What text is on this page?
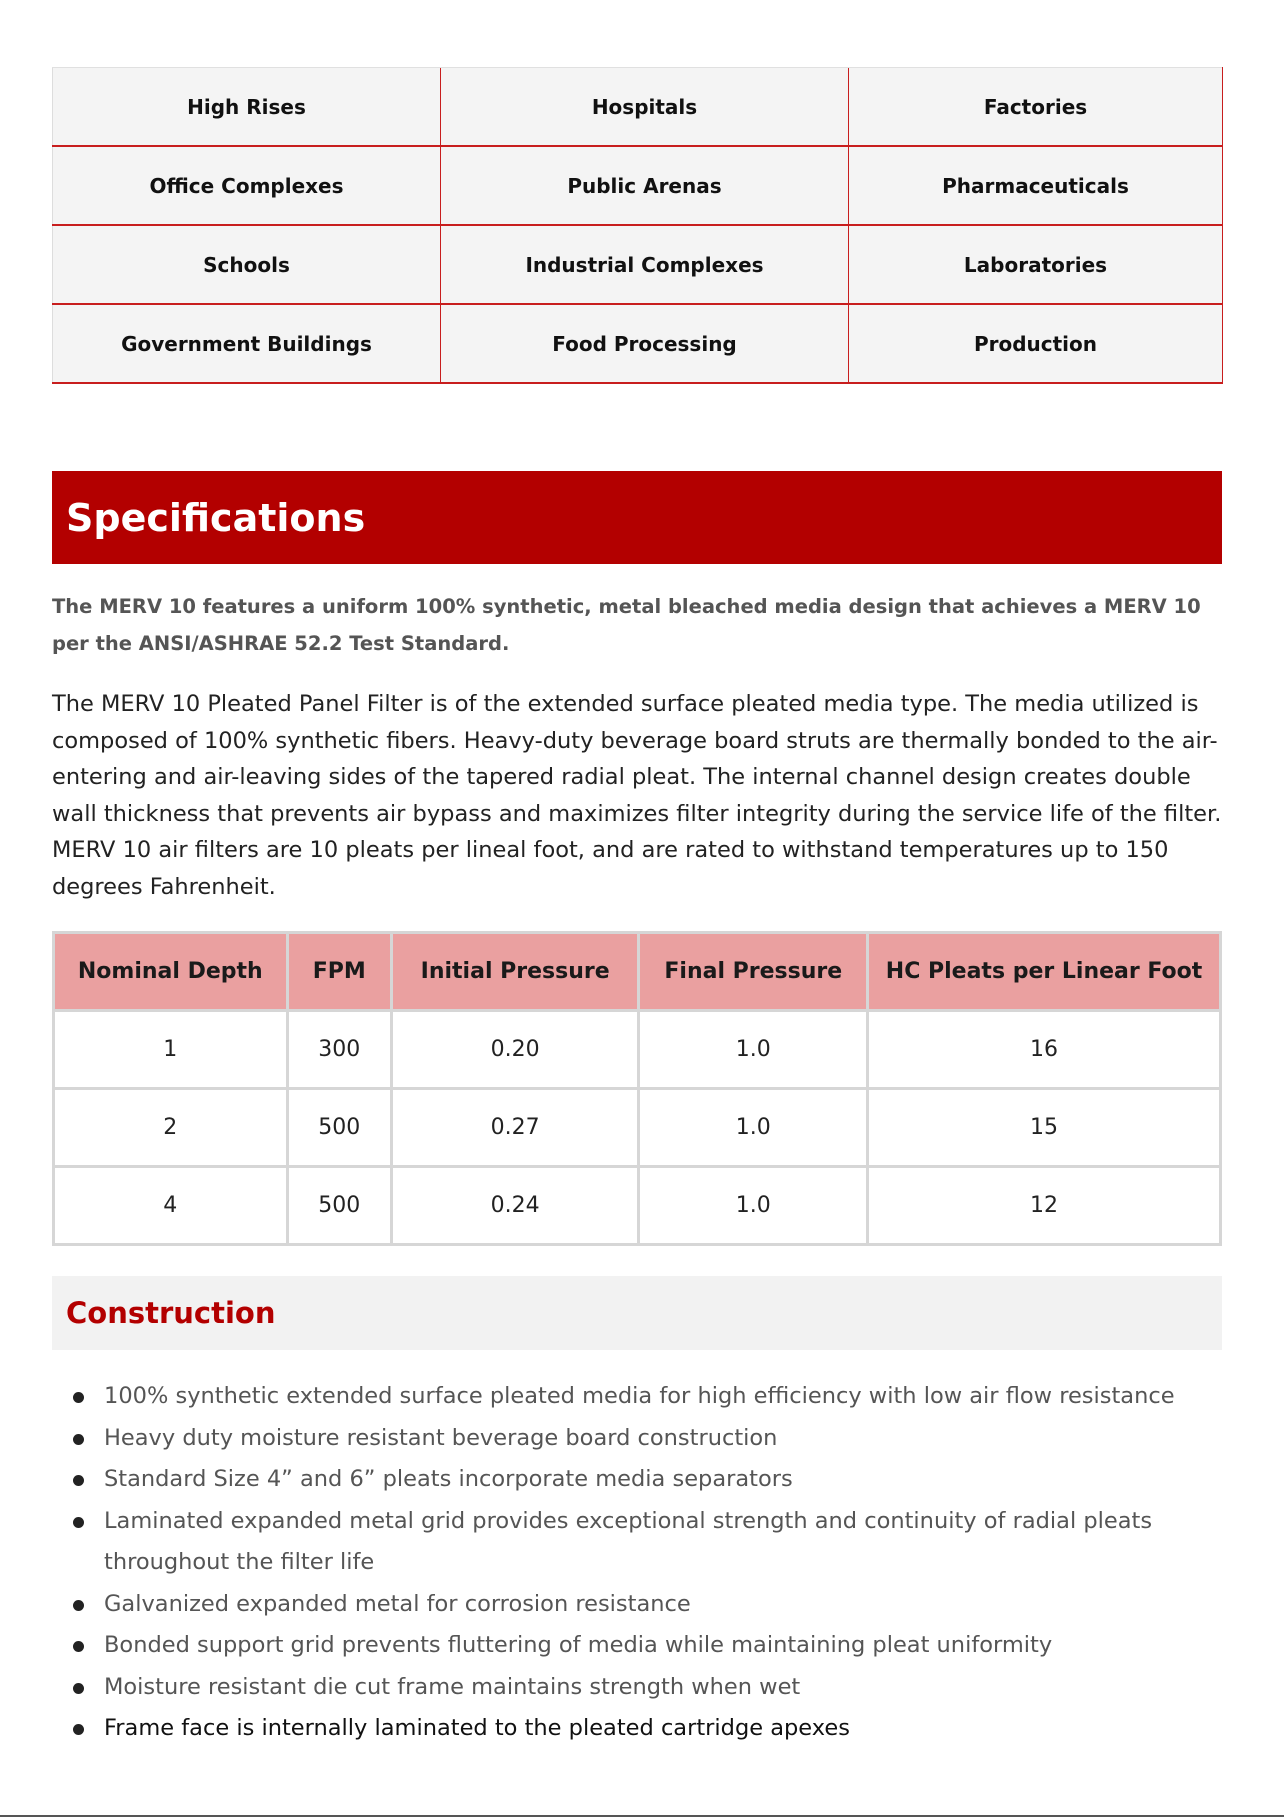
High Rises	Hospitals	Factories
Office Complexes	Public Arenas	Pharmaceuticals
Schools	Industrial Complexes	Laboratories
Government Buildings	Food Processing	Production
Specifications

The MERV 10 features a uniform 100% synthetic, metal bleached media design that achieves a MERV 10 per the ANSI/ASHRAE 52.2 Test Standard.

The MERV 10 Pleated Panel Filter is of the extended surface pleated media type. The media utilized is composed of 100% synthetic fibers. Heavy-duty beverage board struts are thermally bonded to the air-entering and air-leaving sides of the tapered radial pleat. The internal channel design creates double wall thickness that prevents air bypass and maximizes filter integrity during the service life of the filter. MERV 10 air filters are 10 pleats per lineal foot, and are rated to withstand temperatures up to 150 degrees Fahrenheit.

Nominal Depth	FPM	Initial Pressure	Final Pressure	HC Pleats per Linear Foot
1	300	0.20	1.0	16
2	500	0.27	1.0	15
4	500	0.24	1.0	12
Construction
100% synthetic extended surface pleated media for high efficiency with low air flow resistance
Heavy duty moisture resistant beverage board construction
Standard Size 4” and 6” pleats incorporate media separators
Laminated expanded metal grid provides exceptional strength and continuity of radial pleats throughout the filter life
Galvanized expanded metal for corrosion resistance
Bonded support grid prevents fluttering of media while maintaining pleat uniformity
Moisture resistant die cut frame maintains strength when wet
Frame face is internally laminated to the pleated cartridge apexes
